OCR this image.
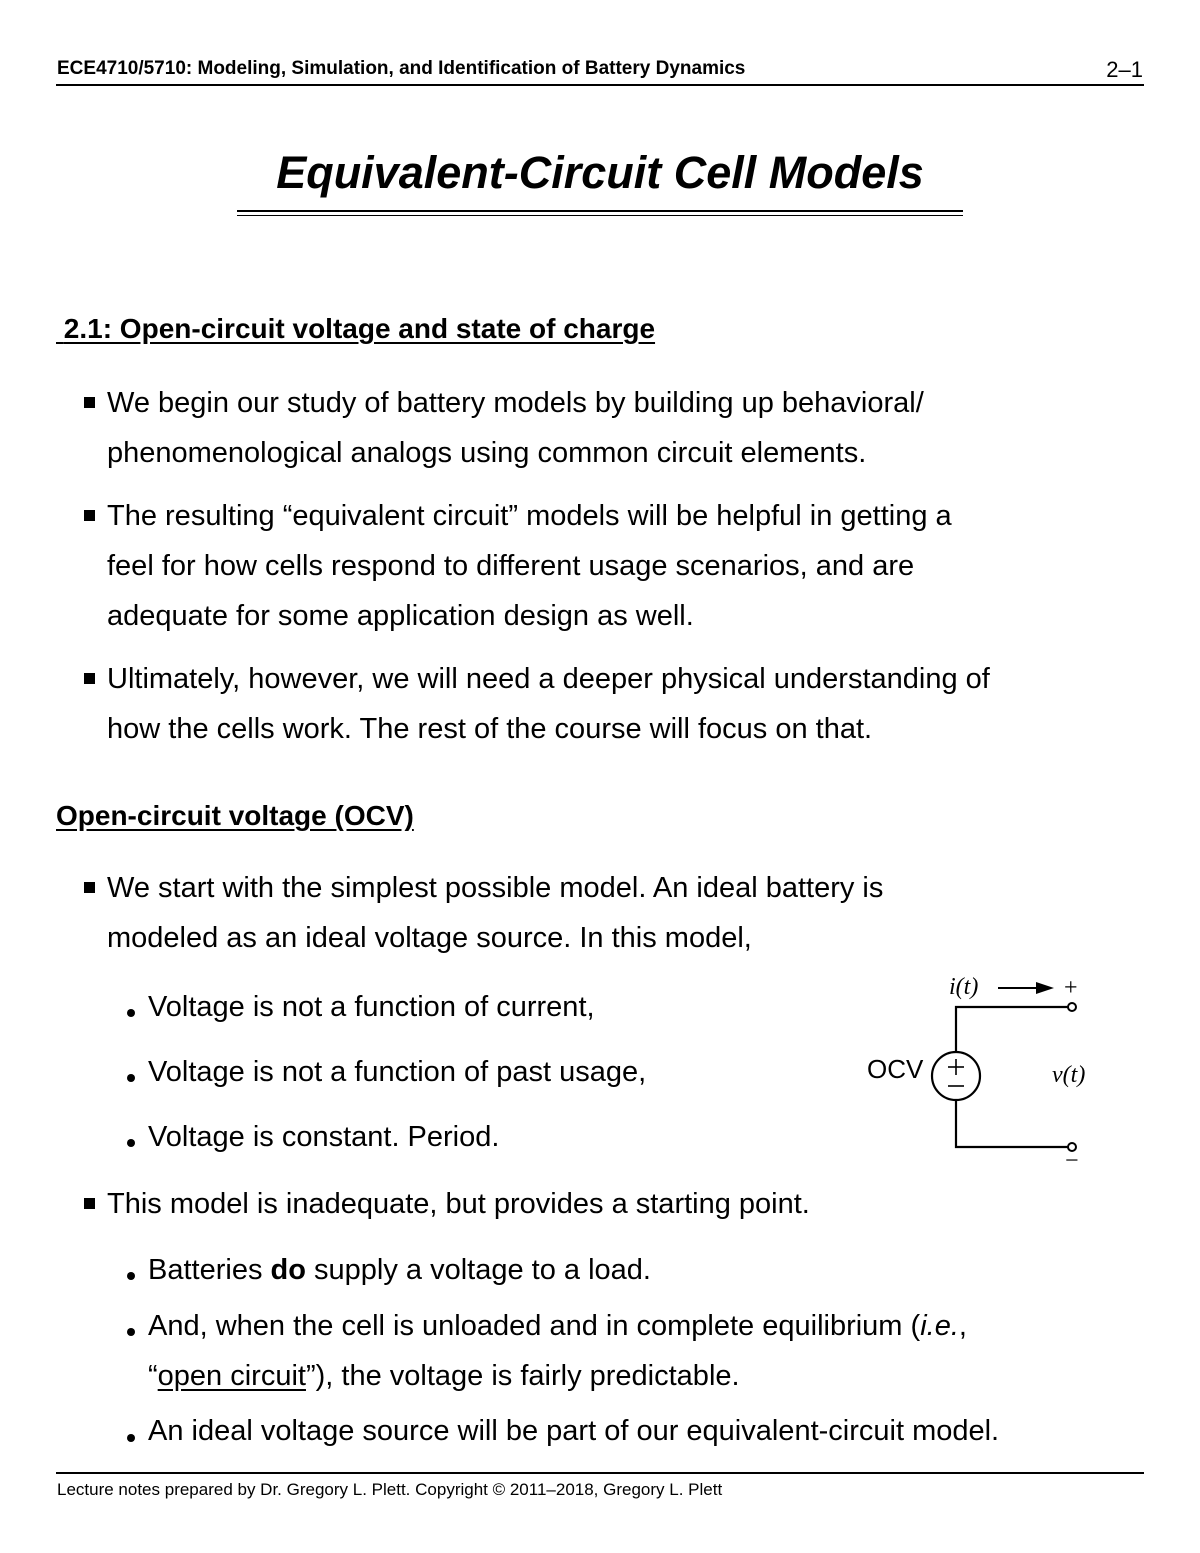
ECE4710/5710: Modeling, Simulation, and Identification of Battery Dynamics	2–1
Equivalent-Circuit Cell Models
2.1: Open-circuit voltage and state of charge
We begin our study of battery models by building up behavioral/
phenomenological analogs using common circuit elements.
The resulting “equivalent circuit” models will be helpful in getting a
feel for how cells respond to different usage scenarios, and are
adequate for some application design as well.
Ultimately, however, we will need a deeper physical understanding of
how the cells work. The rest of the course will focus on that.
Open-circuit voltage (OCV)
We start with the simplest possible model. An ideal battery is
modeled as an ideal voltage source. In this model,
Voltage is not a function of current,
Voltage is not a function of past usage,
Voltage is constant. Period.
This model is inadequate, but provides a starting point.
Batteries do supply a voltage to a load.
And, when the cell is unloaded and in complete equilibrium (i.e.,
“open circuit”), the voltage is fairly predictable.
An ideal voltage source will be part of our equivalent-circuit model.
i(t)	+
OCV	v(t)
−
Lecture notes prepared by Dr. Gregory L. Plett. Copyright © 2011–2018, Gregory L. Plett
